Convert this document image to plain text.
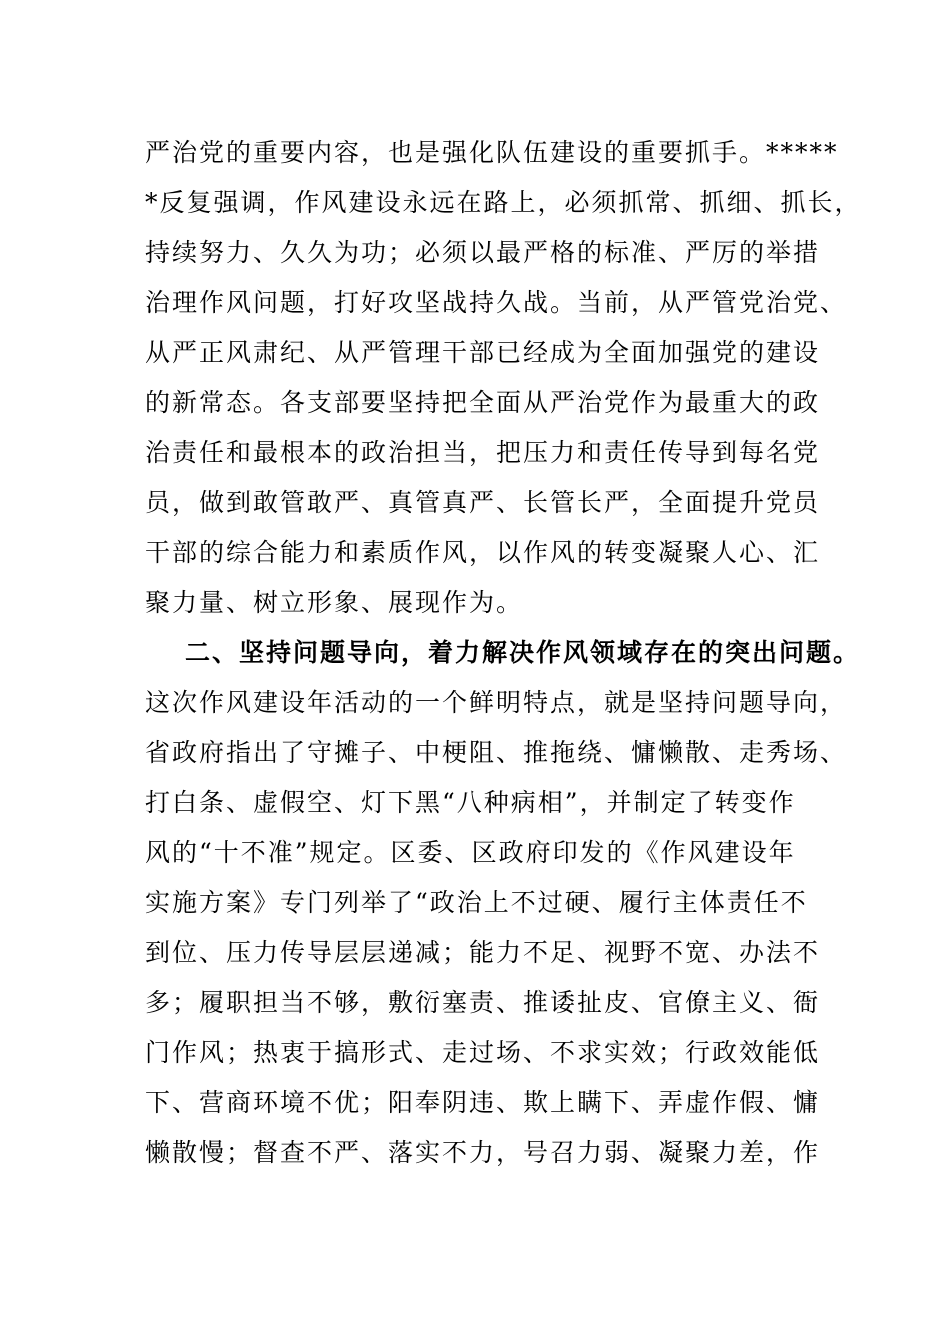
严治党的重要内容，也是强化队伍建设的重要抓手。*****
*反复强调，作风建设永远在路上，必须抓常、抓细、抓长，
持续努力、久久为功；必须以最严格的标准、严厉的举措
治理作风问题，打好攻坚战持久战。当前，从严管党治党、
从严正风肃纪、从严管理干部已经成为全面加强党的建设
的新常态。各支部要坚持把全面从严治党作为最重大的政
治责任和最根本的政治担当，把压力和责任传导到每名党
员，做到敢管敢严、真管真严、长管长严，全面提升党员
干部的综合能力和素质作风，以作风的转变凝聚人心、汇
聚力量、树立形象、展现作为。
二、坚持问题导向，着力解决作风领域存在的突出问题。
这次作风建设年活动的一个鲜明特点，就是坚持问题导向，
省政府指出了守摊子、中梗阻、推拖绕、慵懒散、走秀场、
打白条、虚假空、灯下黑“八种病相”，并制定了转变作
风的“十不准”规定。区委、区政府印发的《作风建设年
实施方案》专门列举了“政治上不过硬、履行主体责任不
到位、压力传导层层递减；能力不足、视野不宽、办法不
多；履职担当不够，敷衍塞责、推诿扯皮、官僚主义、衙
门作风；热衷于搞形式、走过场、不求实效；行政效能低
下、营商环境不优；阳奉阴违、欺上瞒下、弄虚作假、慵
懒散慢；督查不严、落实不力，号召力弱、凝聚力差，作
